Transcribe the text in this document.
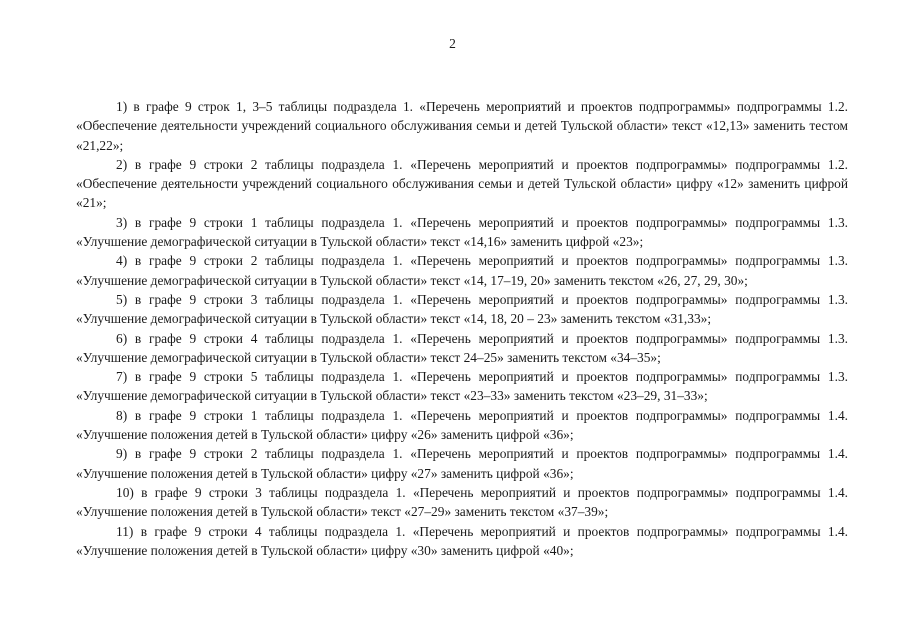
2

1) в графе 9 строк 1, 3–5 таблицы подраздела 1. «Перечень мероприятий и проектов подпрограммы» подпрограммы 1.2. «Обеспечение деятельности учреждений социального обслуживания семьи и детей Тульской области» текст «12,13» заменить тестом «21,22»;

2) в графе 9 строки 2 таблицы подраздела 1. «Перечень мероприятий и проектов подпрограммы» подпрограммы 1.2. «Обеспечение деятельности учреждений социального обслуживания семьи и детей Тульской области» цифру «12» заменить цифрой «21»;

3) в графе 9 строки 1 таблицы подраздела 1. «Перечень мероприятий и проектов подпрограммы» подпрограммы 1.3. «Улучшение демографической ситуации в Тульской области» текст «14,16» заменить цифрой «23»;

4) в графе 9 строки 2 таблицы подраздела 1. «Перечень мероприятий и проектов подпрограммы» подпрограммы 1.3. «Улучшение демографической ситуации в Тульской области» текст «14, 17–19, 20» заменить текстом «26, 27, 29, 30»;

5) в графе 9 строки 3 таблицы подраздела 1. «Перечень мероприятий и проектов подпрограммы» подпрограммы 1.3. «Улучшение демографической ситуации в Тульской области» текст «14, 18, 20 – 23» заменить текстом «31,33»;

6) в графе 9 строки 4 таблицы подраздела 1. «Перечень мероприятий и проектов подпрограммы» подпрограммы 1.3. «Улучшение демографической ситуации в Тульской области» текст 24–25» заменить текстом «34–35»;

7) в графе 9 строки 5 таблицы подраздела 1. «Перечень мероприятий и проектов подпрограммы» подпрограммы 1.3. «Улучшение демографической ситуации в Тульской области» текст «23–33» заменить текстом «23–29, 31–33»;

8) в графе 9 строки 1 таблицы подраздела 1. «Перечень мероприятий и проектов подпрограммы» подпрограммы 1.4. «Улучшение положения детей в Тульской области» цифру «26» заменить цифрой «36»;

9) в графе 9 строки 2 таблицы подраздела 1. «Перечень мероприятий и проектов подпрограммы» подпрограммы 1.4. «Улучшение положения детей в Тульской области» цифру «27» заменить цифрой «36»;

10) в графе 9 строки 3 таблицы подраздела 1. «Перечень мероприятий и проектов подпрограммы» подпрограммы 1.4. «Улучшение положения детей в Тульской области» текст «27–29» заменить текстом «37–39»;

11) в графе 9 строки 4 таблицы подраздела 1. «Перечень мероприятий и проектов подпрограммы» подпрограммы 1.4. «Улучшение положения детей в Тульской области» цифру «30» заменить цифрой «40»;
